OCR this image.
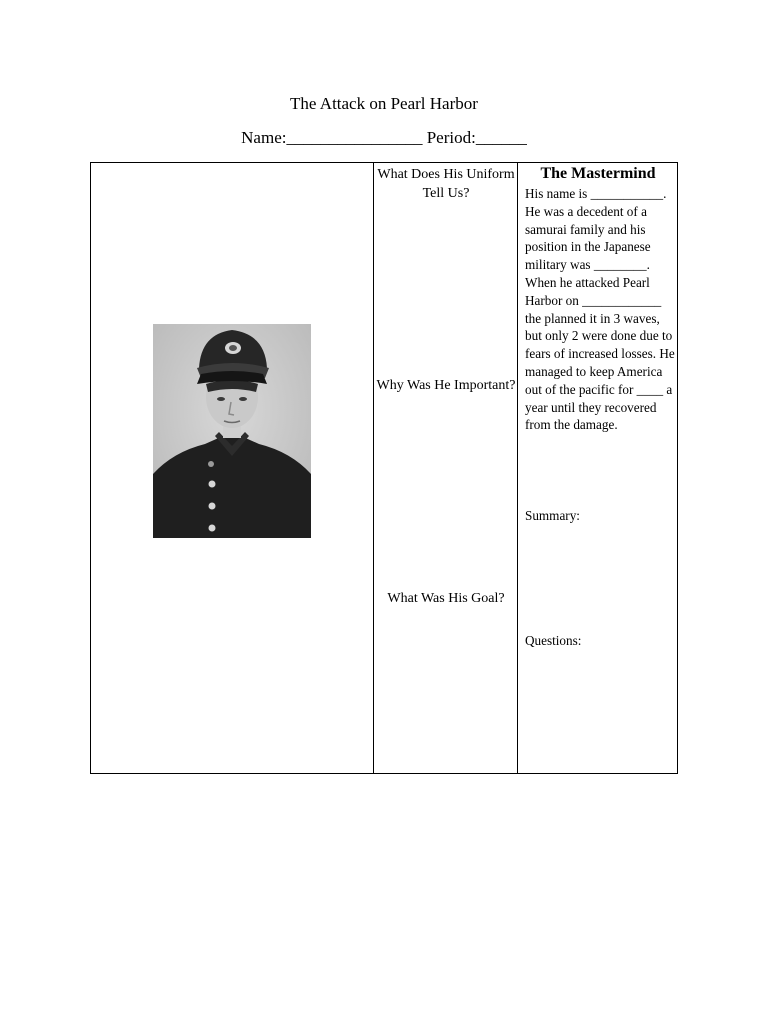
The Attack on Pearl Harbor
Name:________________ Period:______
What Does His Uniform Tell Us?
Why Was He Important?
What Was His Goal?
The Mastermind
His name is ___________. He was a decedent of a samurai family and his position in the Japanese military was ________. When he attacked Pearl Harbor on ____________ the planned it in 3 waves, but only 2 were done due to fears of increased losses. He managed to keep America out of the pacific for ____ a year until they recovered from the damage.
Summary:
Questions:
